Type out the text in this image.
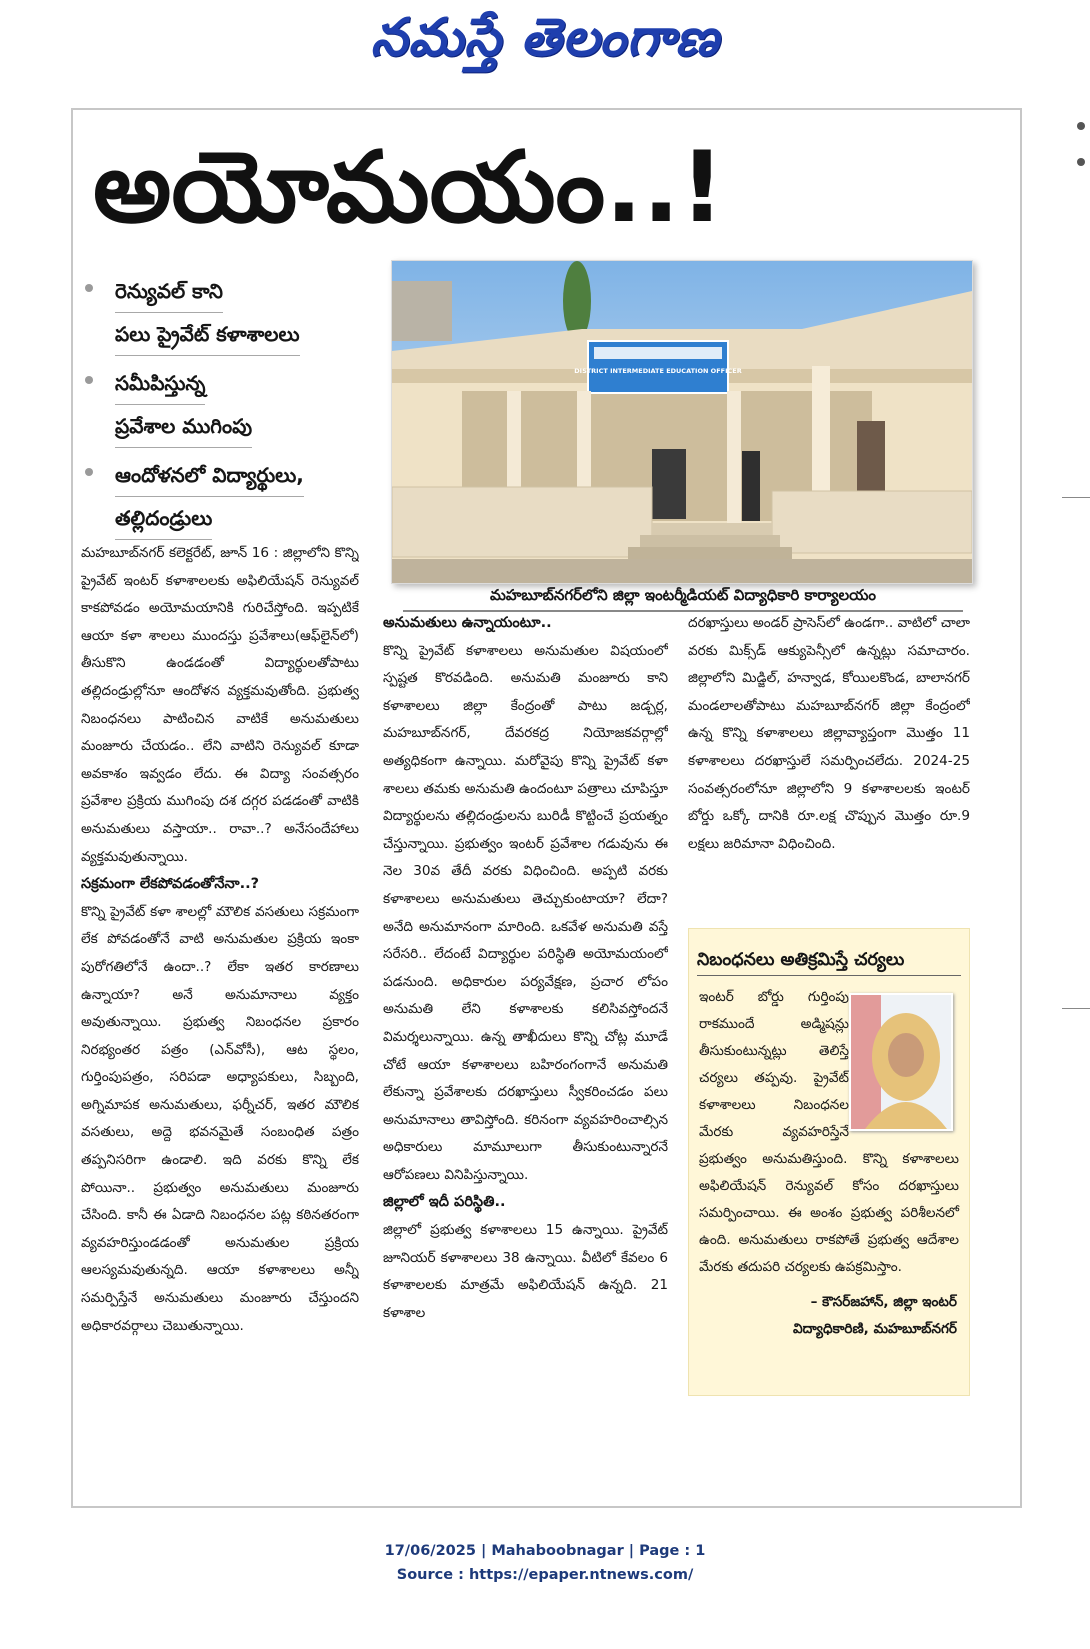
నమస్తే తెలంగాణ
అయోమయం..!
రెన్యువల్ కాని
పలు ప్రైవేట్ కళాశాలలు
సమీపిస్తున్న
ప్రవేశాల ముగింపు
ఆందోళనలో విద్యార్థులు,
తల్లిదండ్రులు
DISTRICT INTERMEDIATE EDUCATION OFFICER
మహబూబ్‌నగర్‌లోని జిల్లా ఇంటర్మీడియట్ విద్యాధికారి కార్యాలయం

మహబూబ్‌నగర్ కలెక్టరేట్, జూన్ 16 : జిల్లాలోని కొన్ని ప్రైవేట్ ఇంటర్ కళాశాలలకు అఫిలియేషన్ రెన్యువల్ కాకపోవడం అయోమయానికి గురిచేస్తోంది. ఇప్పటికే ఆయా కళా శాలలు ముందస్తు ప్రవేశాలు(ఆఫ్‌లైన్‌లో) తీసుకొని ఉండడంతో విద్యార్థులతోపాటు తల్లిదండ్రుల్లోనూ ఆందోళన వ్యక్తమవుతోంది. ప్రభుత్వ నిబంధనలు పాటించిన వాటికే అనుమతులు మంజూరు చేయడం.. లేని వాటిని రెన్యువల్ కూడా అవకాశం ఇవ్వడం లేదు. ఈ విద్యా సంవత్సరం ప్రవేశాల ప్రక్రియ ముగింపు దశ దగ్గర పడడంతో వాటికి అనుమతులు వస్తాయా.. రావా..? అనేసందేహాలు వ్యక్తమవుతున్నాయి.

సక్రమంగా లేకపోవడంతోనేనా..?

కొన్ని ప్రైవేట్ కళా శాలల్లో మౌలిక వసతులు సక్రమంగా లేక పోవడంతోనే వాటి అనుమతుల ప్రక్రియ ఇంకా పురోగతిలోనే ఉందా..? లేకా ఇతర కారణాలు ఉన్నాయా? అనే అనుమానాలు వ్యక్తం అవుతున్నాయి. ప్రభుత్వ నిబంధనల ప్రకారం నిరభ్యంతర పత్రం (ఎన్‌వోసీ), ఆట స్థలం, గుర్తింపుపత్రం, సరిపడా అధ్యాపకులు, సిబ్బంది, అగ్నిమాపక అనుమతులు, ఫర్నీచర్, ఇతర మౌలిక వసతులు, అద్దె భవనమైతే సంబంధిత పత్రం తప్పనిసరిగా ఉండాలి. ఇది వరకు కొన్ని లేక పోయినా.. ప్రభుత్వం అనుమతులు మంజూరు చేసింది. కానీ ఈ ఏడాది నిబంధనల పట్ల కఠినతరంగా వ్యవహరిస్తుండడంతో అనుమతుల ప్రక్రియ ఆలస్యమవుతున్నది. ఆయా కళాశాలలు అన్నీ సమర్పిస్తేనే అనుమతులు మంజూరు చేస్తుందని అధికారవర్గాలు చెబుతున్నాయి.

అనుమతులు ఉన్నాయంటూ..

కొన్ని ప్రైవేట్ కళాశాలలు అనుమతుల విషయంలో స్పష్టత కొరవడింది. అనుమతి మంజూరు కాని కళాశాలలు జిల్లా కేంద్రంతో పాటు జడ్చర్ల, మహబూబ్‌నగర్, దేవరకద్ర నియోజకవర్గాల్లో అత్యధికంగా ఉన్నాయి. మరోవైపు కొన్ని ప్రైవేట్ కళా శాలలు తమకు అనుమతి ఉందంటూ పత్రాలు చూపిస్తూ విద్యార్థులను తల్లిదండ్రులను బురిడీ కొట్టించే ప్రయత్నం చేస్తున్నాయి. ప్రభుత్వం ఇంటర్ ప్రవేశాల గడువును ఈ నెల 30వ తేదీ వరకు విధించింది. అప్పటి వరకు కళాశాలలు అనుమతులు తెచ్చుకుంటాయా? లేదా? అనేది అనుమానంగా మారింది. ఒకవేళ అనుమతి వస్తే సరేసరి.. లేదంటే విద్యార్థుల పరిస్థితి అయోమయంలో పడనుంది. అధికారుల పర్యవేక్షణ, ప్రచార లోపం అనుమతి లేని కళాశాలకు కలిసివస్తోందనే విమర్శలున్నాయి. ఉన్న తాఖీదులు కొన్ని చోట్ల మూడే చోటే ఆయా కళాశాలలు బహిరంగంగానే అనుమతి లేకున్నా ప్రవేశాలకు దరఖాస్తులు స్వీకరించడం పలు అనుమానాలు తావిస్తోంది. కరినంగా వ్యవహరించాల్సిన అధికారులు మామూలుగా తీసుకుంటున్నారనే ఆరోపణలు వినిపిస్తున్నాయి.

జిల్లాలో ఇదీ పరిస్థితి..

జిల్లాలో ప్రభుత్వ కళాశాలలు 15 ఉన్నాయి. ప్రైవేట్ జూనియర్ కళాశాలలు 38 ఉన్నాయి. వీటిలో కేవలం 6 కళాశాలలకు మాత్రమే అఫిలియేషన్ ఉన్నది. 21 కళాశాల

దరఖాస్తులు అండర్ ప్రాసెస్‌లో ఉండగా.. వాటిలో చాలా వరకు మిక్స్‌డ్ ఆక్యుపెన్సీలో ఉన్నట్లు సమాచారం. జిల్లాలోని మిడ్జిల్, హన్వాడ, కోయిలకొండ, బాలానగర్ మండలాలతోపాటు మహబూబ్‌నగర్ జిల్లా కేంద్రంలో ఉన్న కొన్ని కళాశాలలు జిల్లావ్యాప్తంగా మొత్తం 11 కళాశాలలు దరఖాస్తులే సమర్పించలేదు. 2024-25 సంవత్సరంలోనూ జిల్లాలోని 9 కళాశాలలకు ఇంటర్ బోర్డు ఒక్కో దానికి రూ.లక్ష చొప్పున మొత్తం రూ.9 లక్షలు జరిమానా విధించింది.

నిబంధనలు అతిక్రమిస్తే చర్యలు
ఇంటర్ బోర్డు గుర్తింపు రాకముందే అడ్మిషన్లు తీసుకుంటున్నట్లు తెలిస్తే చర్యలు తప్పవు. ప్రైవేట్ కళాశాలలు నిబంధనల మేరకు వ్యవహరిస్తేనే ప్రభుత్వం అనుమతిస్తుంది. కొన్ని కళాశాలలు అఫిలియేషన్ రెన్యువల్ కోసం దరఖాస్తులు సమర్పించాయి. ఈ అంశం ప్రభుత్వ పరిశీలనలో ఉంది. అనుమతులు రాకపోతే ప్రభుత్వ ఆదేశాల మేరకు తదుపరి చర్యలకు ఉపక్రమిస్తాం.
– కౌసర్‌జహాన్, జిల్లా ఇంటర్
విద్యాధికారిణి, మహబూబ్‌నగర్
17/06/2025 | Mahaboobnagar | Page : 1
Source : https://epaper.ntnews.com/
